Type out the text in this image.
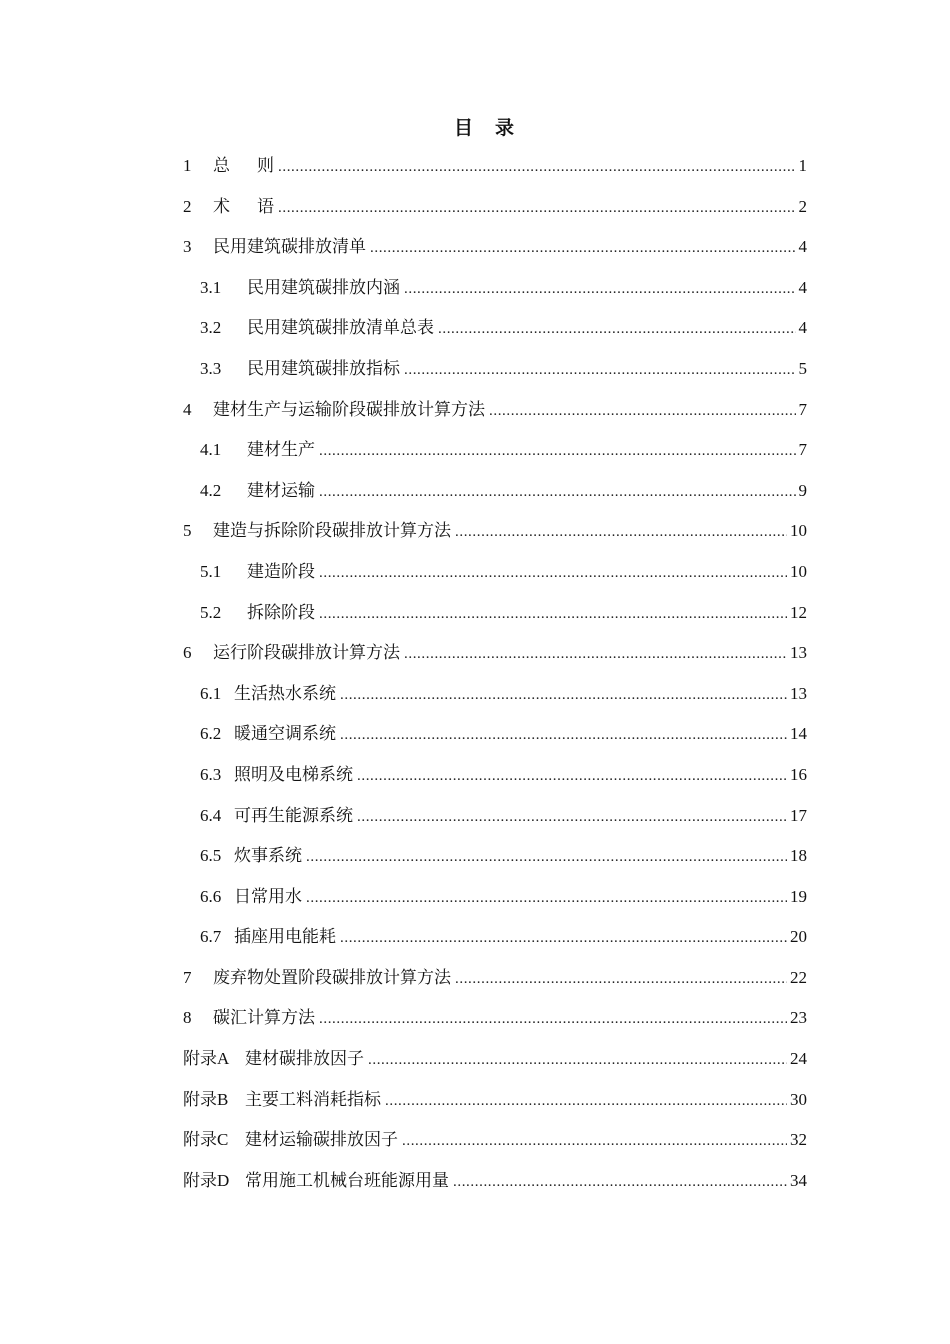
目录
1	总则 .....	1
2	术语 .....	2
3	民用建筑碳排放清单 .....	4
3.1	民用建筑碳排放内涵 .....	4
3.2	民用建筑碳排放清单总表 .....	4
3.3	民用建筑碳排放指标 .....	5
4	建材生产与运输阶段碳排放计算方法 .....	7
4.1	建材生产 .....	7
4.2	建材运输 .....	9
5	建造与拆除阶段碳排放计算方法 .....	10
5.1	建造阶段 .....	10
5.2	拆除阶段 .....	12
6	运行阶段碳排放计算方法 .....	13
6.1 生活热水系统 .....	13
6.2 暖通空调系统 .....	14
6.3 照明及电梯系统 .....	16
6.4 可再生能源系统 .....	17
6.5 炊事系统 .....	18
6.6 日常用水 .....	19
6.7 插座用电能耗 .....	20
7	废弃物处置阶段碳排放计算方法 .....	22
8	碳汇计算方法 .....	23
附录A 建材碳排放因子 .....	24
附录B 主要工料消耗指标 .....	30
附录C 建材运输碳排放因子 .....	32
附录D 常用施工机械台班能源用量 .....	34
